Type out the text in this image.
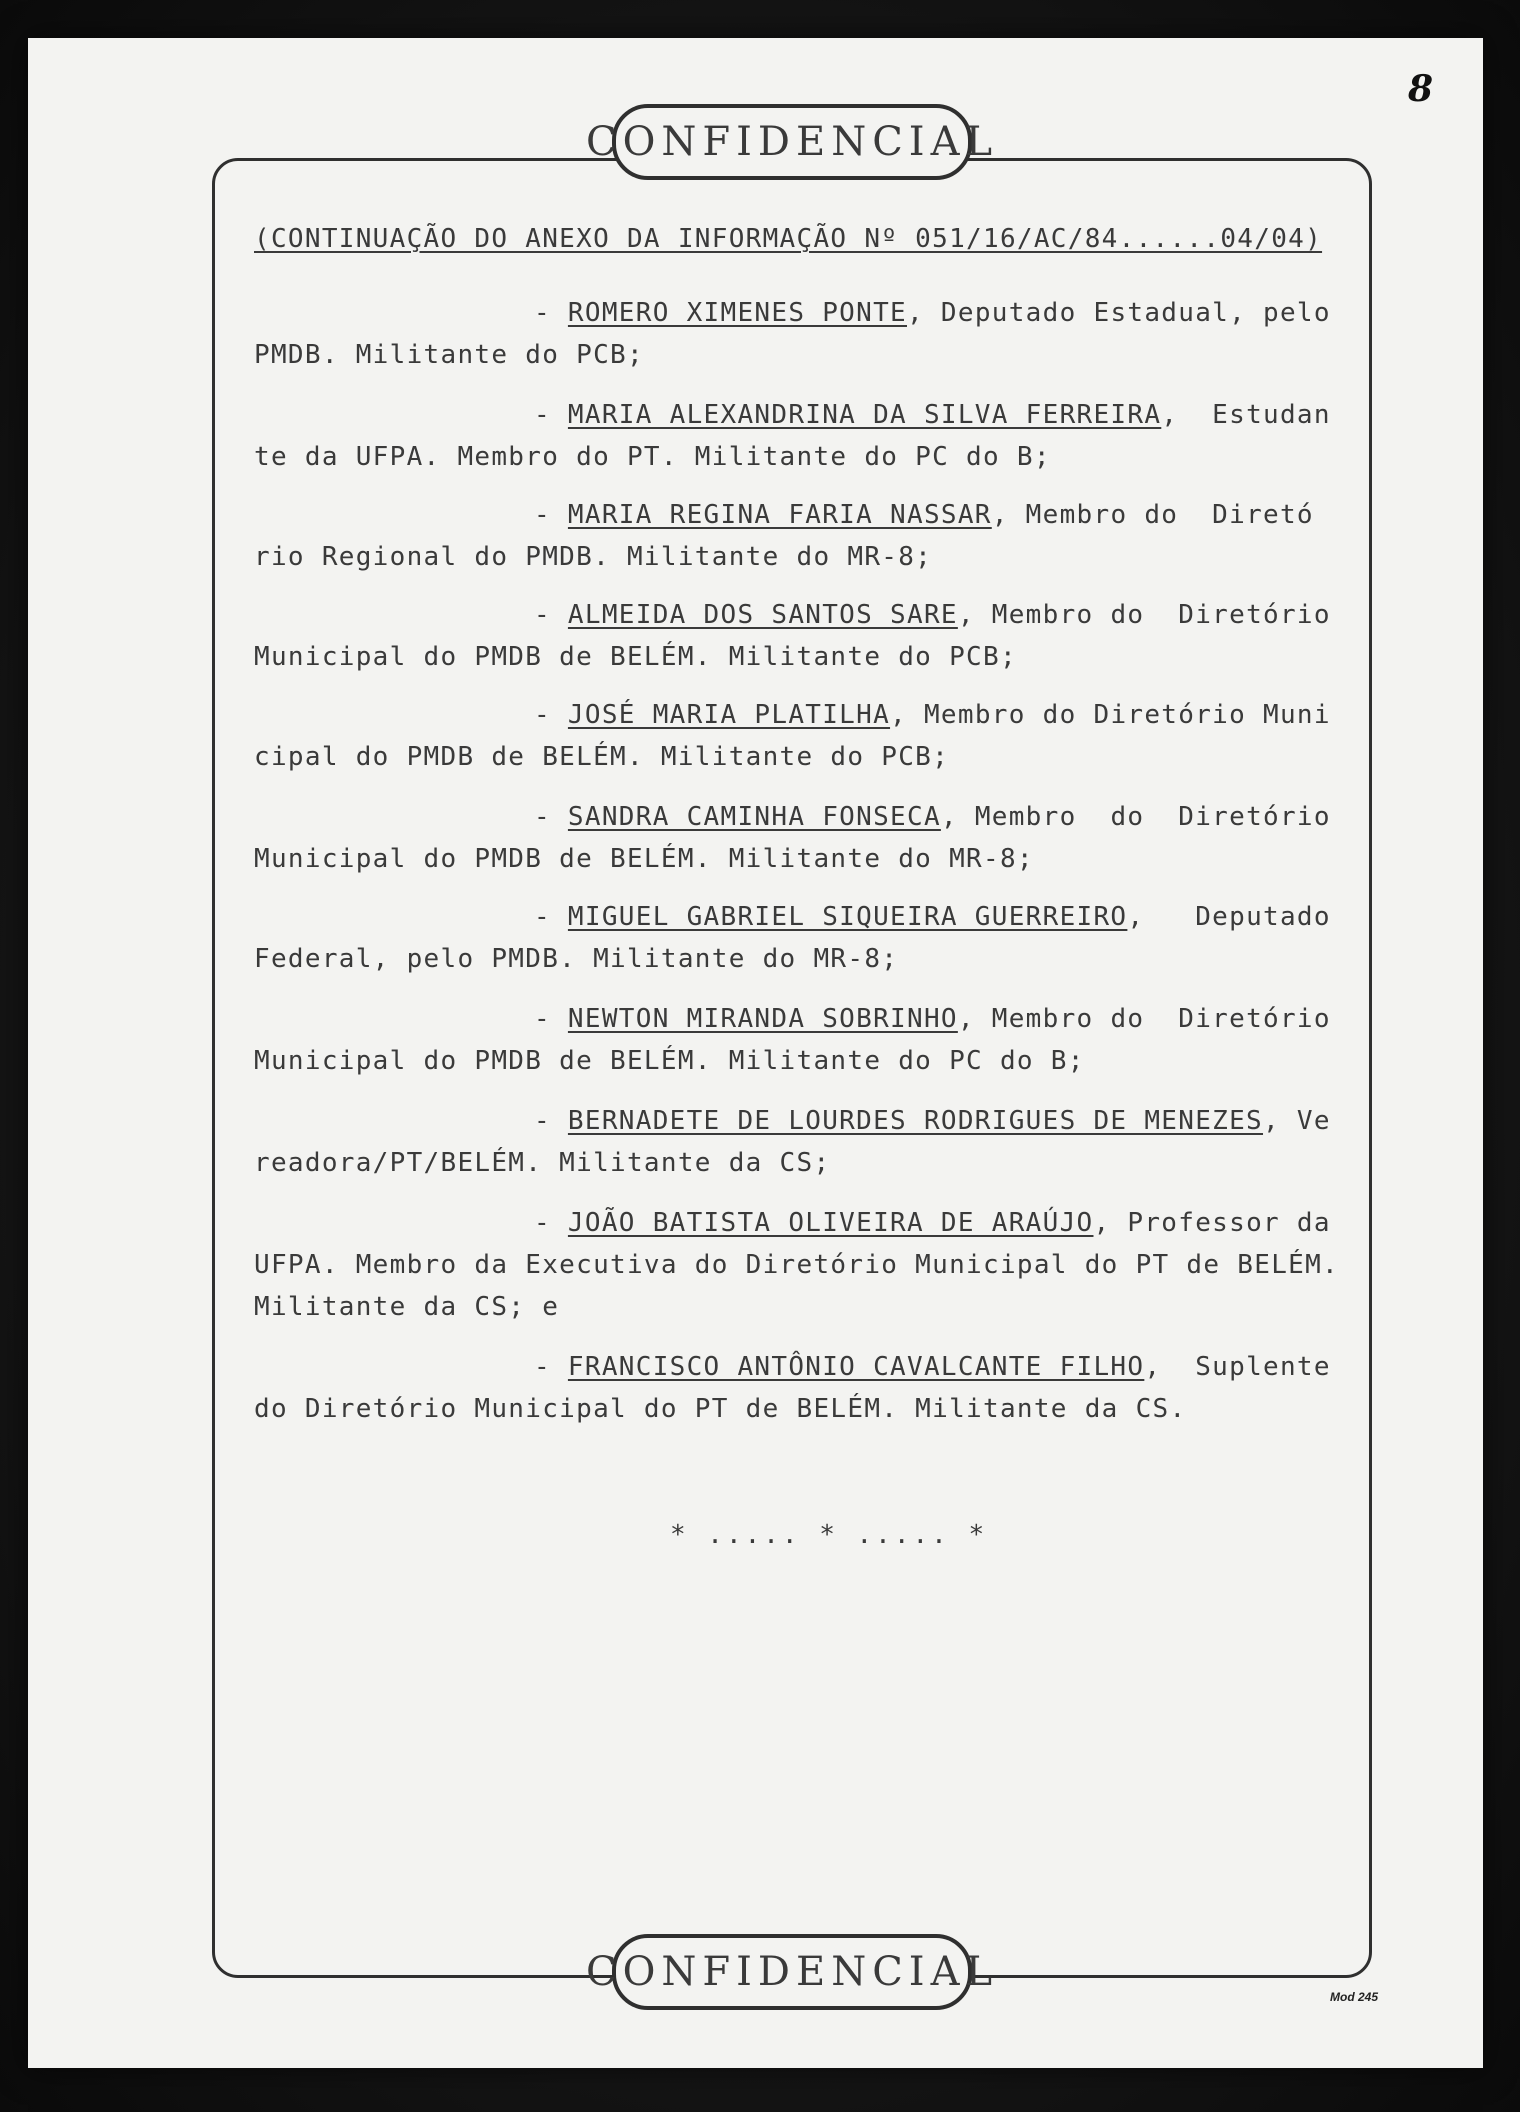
CONFIDENCIAL
CONFIDENCIAL
8
Mod 245
(CONTINUAÇÃO DO ANEXO DA INFORMAÇÃO Nº 051/16/AC/84......04/04)
- ROMERO XIMENES PONTE, Deputado Estadual, pelo
PMDB. Militante do PCB;
- MARIA ALEXANDRINA DA SILVA FERREIRA,  Estudan
te da UFPA. Membro do PT. Militante do PC do B;
- MARIA REGINA FARIA NASSAR, Membro do  Diretó
rio Regional do PMDB. Militante do MR-8;
- ALMEIDA DOS SANTOS SARE, Membro do  Diretório
Municipal do PMDB de BELÉM. Militante do PCB;
- JOSÉ MARIA PLATILHA, Membro do Diretório Muni
cipal do PMDB de BELÉM. Militante do PCB;
- SANDRA CAMINHA FONSECA, Membro  do  Diretório
Municipal do PMDB de BELÉM. Militante do MR-8;
- MIGUEL GABRIEL SIQUEIRA GUERREIRO,   Deputado
Federal, pelo PMDB. Militante do MR-8;
- NEWTON MIRANDA SOBRINHO, Membro do  Diretório
Municipal do PMDB de BELÉM. Militante do PC do B;
- BERNADETE DE LOURDES RODRIGUES DE MENEZES, Ve
readora/PT/BELÉM. Militante da CS;
- JOÃO BATISTA OLIVEIRA DE ARAÚJO, Professor da
UFPA. Membro da Executiva do Diretório Municipal do PT de BELÉM.
Militante da CS; e
- FRANCISCO ANTÔNIO CAVALCANTE FILHO,  Suplente
do Diretório Municipal do PT de BELÉM. Militante da CS.
* ..... * ..... *
